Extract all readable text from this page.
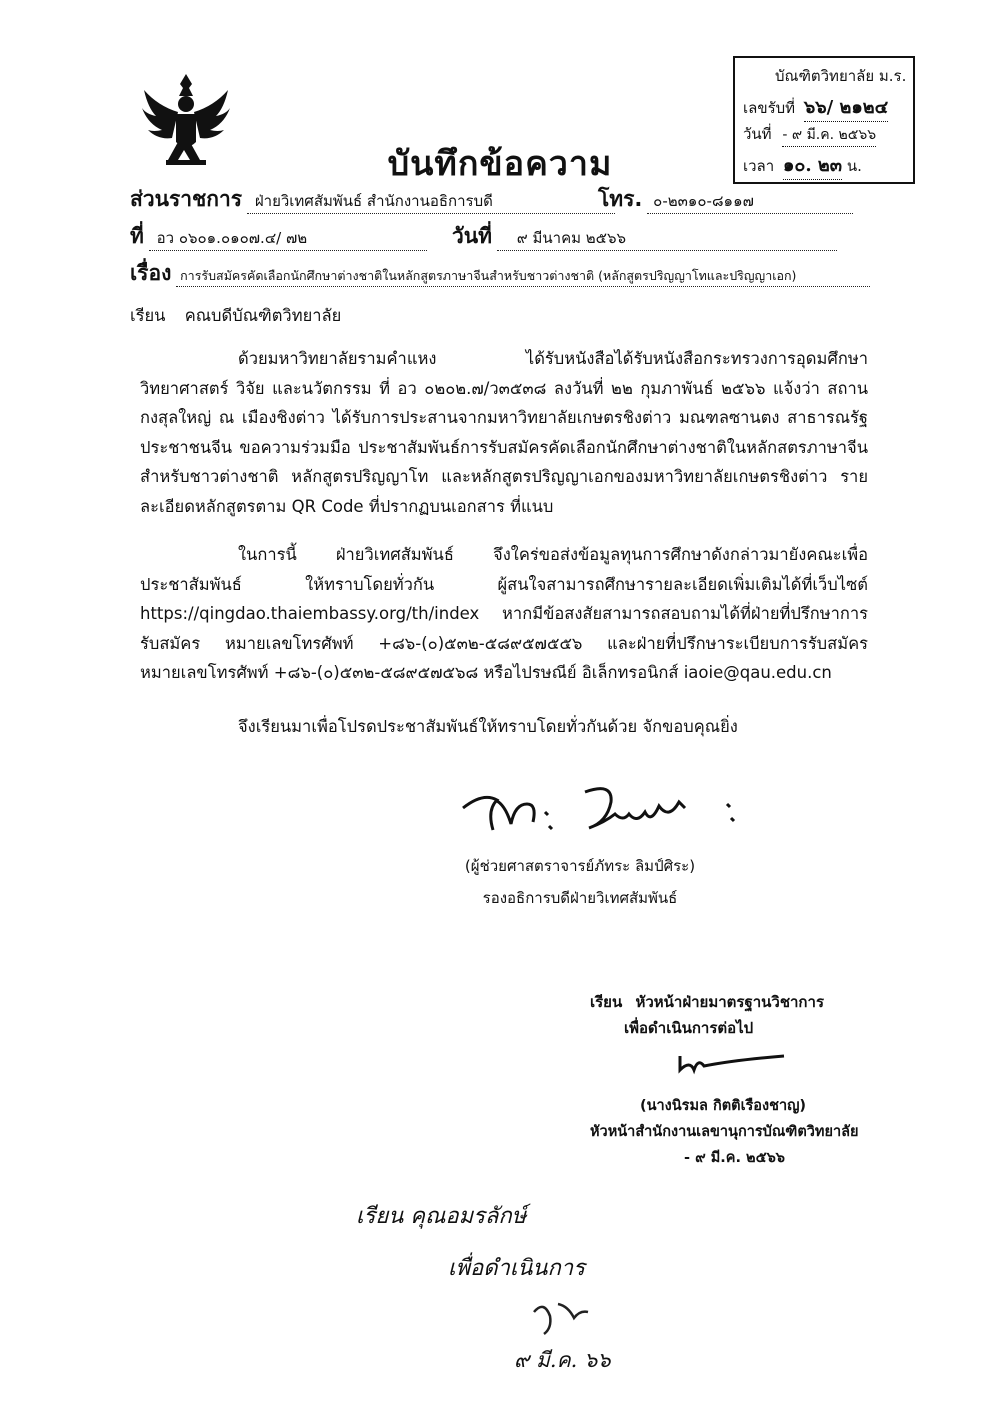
บันทึกข้อความ
บัณฑิตวิทยาลัย ม.ร.
เลขรับที่ ๖๖/ ๒๑๒๔
วันที่ - ๙ มี.ค. ๒๕๖๖
เวลา ๑๐. ๒๓ น.
ส่วนราชการ ฝ่ายวิเทศสัมพันธ์ สำนักงานอธิการบดี	โทร. ๐-๒๓๑๐-๘๑๑๗
ที่ อว ๐๖๐๑.๐๑๐๗.๔/ ๗๒	วันที่ ๙ มีนาคม ๒๕๖๖
เรื่อง การรับสมัครคัดเลือกนักศึกษาต่างชาติในหลักสูตรภาษาจีนสำหรับชาวต่างชาติ (หลักสูตรปริญญาโทและปริญญาเอก)
เรียน คณบดีบัณฑิตวิทยาลัย

ด้วยมหาวิทยาลัยรามคำแหง ได้รับหนังสือได้รับหนังสือกระทรวงการอุดมศึกษา วิทยาศาสตร์ วิจัย และนวัตกรรม ที่ อว ๐๒๐๒.๗/ว๓๕๓๘ ลงวันที่ ๒๒ กุมภาพันธ์ ๒๕๖๖ แจ้งว่า สถานกงสุลใหญ่ ณ เมืองชิงต่าว ได้รับการประสานจากมหาวิทยาลัยเกษตรชิงต่าว มณฑลซานตง สาธารณรัฐประชาชนจีน ขอความร่วมมือ ประชาสัมพันธ์การรับสมัครคัดเลือกนักศึกษาต่างชาติในหลักสตรภาษาจีนสำหรับชาวต่างชาติ หลักสูตรปริญญาโท และหลักสูตรปริญญาเอกของมหาวิทยาลัยเกษตรชิงต่าว รายละเอียดหลักสูตรตาม QR Code ที่ปรากฏบนเอกสาร ที่แนบ

ในการนี้ ฝ่ายวิเทศสัมพันธ์ จึงใคร่ขอส่งข้อมูลทุนการศึกษาดังกล่าวมายังคณะเพื่อประชาสัมพันธ์ ให้ทราบโดยทั่วกัน ผู้สนใจสามารถศึกษารายละเอียดเพิ่มเติมได้ที่เว็บไซต์ https://qingdao.thaiembassy.org/th/index หากมีข้อสงสัยสามารถสอบถามได้ที่ฝ่ายที่ปรึกษาการรับสมัคร หมายเลขโทรศัพท์ +๘๖-(๐)๕๓๒-๕๘๙๕๗๕๕๖ และฝ่ายที่ปรึกษาระเบียบการรับสมัคร หมายเลขโทรศัพท์ +๘๖-(๐)๕๓๒-๕๘๙๕๗๕๖๘ หรือไปรษณีย์ อิเล็กทรอนิกส์ iaoie@qau.edu.cn

จึงเรียนมาเพื่อโปรดประชาสัมพันธ์ให้ทราบโดยทั่วกันด้วย จักขอบคุณยิ่ง

(ผู้ช่วยศาสตราจารย์ภัทระ ลิมป์ศิระ)
รองอธิการบดีฝ่ายวิเทศสัมพันธ์
เรียน หัวหน้าฝ่ายมาตรฐานวิชาการ
เพื่อดำเนินการต่อไป
(นางนิรมล กิตติเรืองชาญ)
หัวหน้าสำนักงานเลขานุการบัณฑิตวิทยาลัย
- ๙ มี.ค. ๒๕๖๖
เรียน คุณอมรลักษ์
เพื่อดำเนินการ
๙ มี.ค. ๖๖
